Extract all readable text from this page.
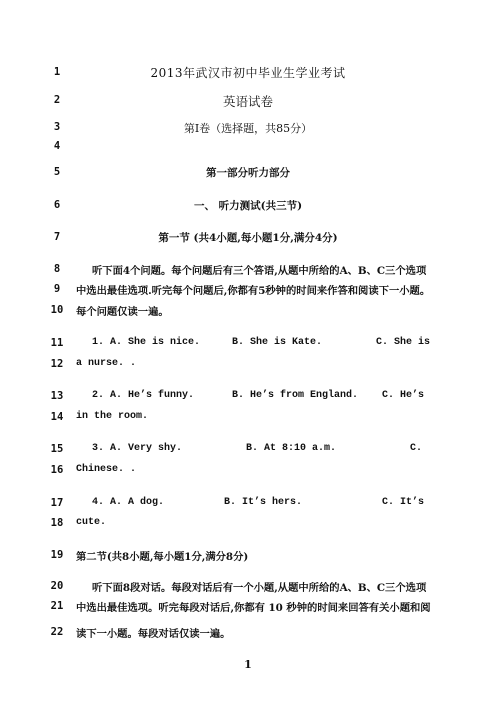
1
2
3
4
5
6
7
8
9
10
11
12
13
14
15
16
17
18
19
20
21
22
2013年武汉市初中毕业生学业考试
英语试卷
第Ⅰ卷（选择题，共85分）
第一部分听力部分
一、 听力测试(共三节)
第一节 (共4小题,每小题1分,满分4分)
听下面4个问题。每个问题后有三个答语,从题中所给的A、B、C三个选项
中选出最佳选项.听完每个问题后,你都有5秒钟的时间来作答和阅读下一小题。
每个问题仅读一遍。
1. A. She is nice.	B. She is Kate.	C. She is
a nurse. .
2. A. He’s funny.	B. He’s from England. C. He’s
in the room.
3. A. Very shy.	B. At 8:10 a.m.	C.
Chinese. .
4. A. A dog.	B. It’s hers.	C. It’s
cute.
第二节(共8小题,每小题1分,满分8分)
听下面8段对话。每段对话后有一个小题,从题中所给的A、B、C三个选项
中选出最佳选项。听完每段对话后,你都有 10 秒钟的时间来回答有关小题和阅
读下一小题。每段对话仅读一遍。
1
